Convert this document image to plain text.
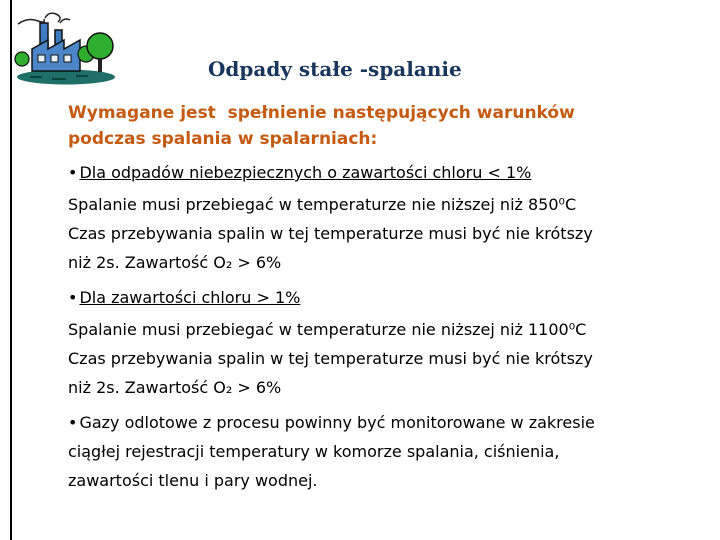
Odpady stałe -spalanie
Wymagane jest  spełnienie następujących warunków
podczas spalania w spalarniach:
• Dla odpadów niebezpiecznych o zawartości chloru < 1%
Spalanie musi przebiegać w temperaturze nie niższej niż 850⁰C
Czas przebywania spalin w tej temperaturze musi być nie krótszy
niż 2s. Zawartość O₂ > 6%
• Dla zawartości chloru > 1%
Spalanie musi przebiegać w temperaturze nie niższej niż 1100⁰C
Czas przebywania spalin w tej temperaturze musi być nie krótszy
niż 2s. Zawartość O₂ > 6%
• Gazy odlotowe z procesu powinny być monitorowane w zakresie
ciągłej rejestracji temperatury w komorze spalania, ciśnienia,
zawartości tlenu i pary wodnej.
